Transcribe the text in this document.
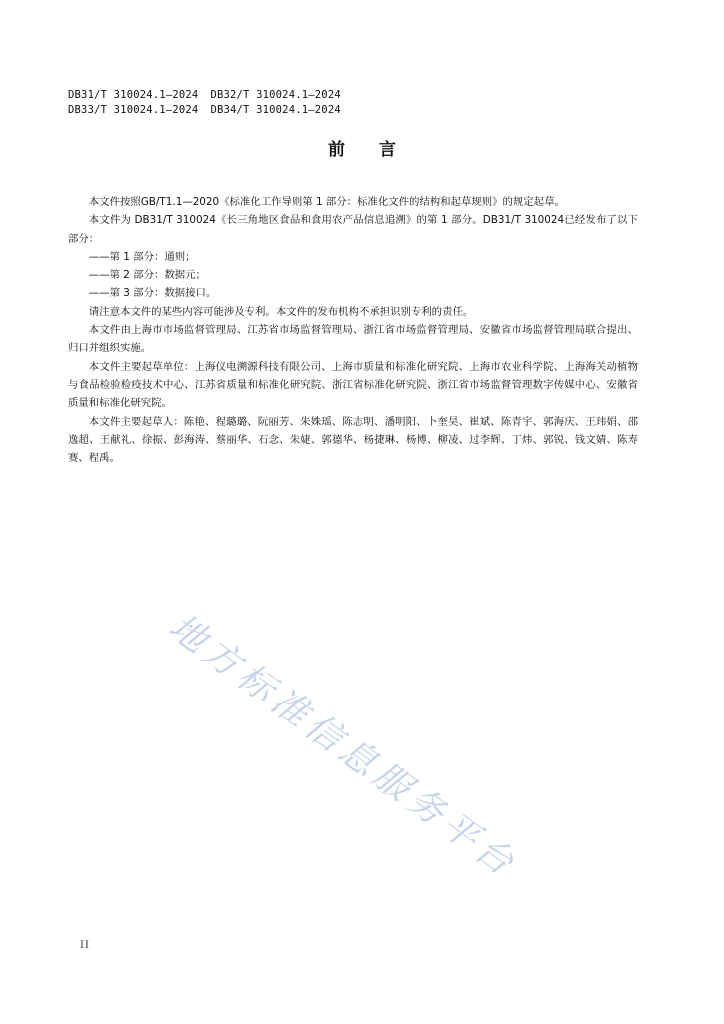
DB31/T 310024.1—2024 DB32/T 310024.1—2024
DB33/T 310024.1—2024 DB34/T 310024.1—2024
前言

本文件按照GB/T1.1—2020《标准化工作导则第 1 部分：标准化文件的结构和起草规则》的规定起草。

本文件为 DB31/T 310024《长三角地区食品和食用农产品信息追溯》的第 1 部分。DB31/T 310024已经发布了以下部分：

——第 1 部分：通则；

——第 2 部分：数据元；

——第 3 部分：数据接口。

请注意本文件的某些内容可能涉及专利。本文件的发布机构不承担识别专利的责任。

本文件由上海市市场监督管理局、江苏省市场监督管理局、浙江省市场监督管理局、安徽省市场监督管理局联合提出、归口并组织实施。

本文件主要起草单位：上海仪电溯源科技有限公司、上海市质量和标准化研究院、上海市农业科学院、上海海关动植物与食品检验检疫技术中心、江苏省质量和标准化研究院、浙江省标准化研究院、浙江省市场监督管理数字传媒中心、安徽省质量和标准化研究院。

本文件主要起草人：陈艳、程璐璐、阮丽芳、朱姝瑶、陈志明、潘明阳、卜奎昊、崔斌、陈青宇、郭海庆、王玮娟、邵逸超、王献礼、徐振、彭海涛、蔡丽华、石念、朱婕、郭德华、杨捷琳、杨博、柳凌、过李辉、丁炜、郭锐、钱文婧、陈寿赛、程禹。

地方标准信息服务平台
II
